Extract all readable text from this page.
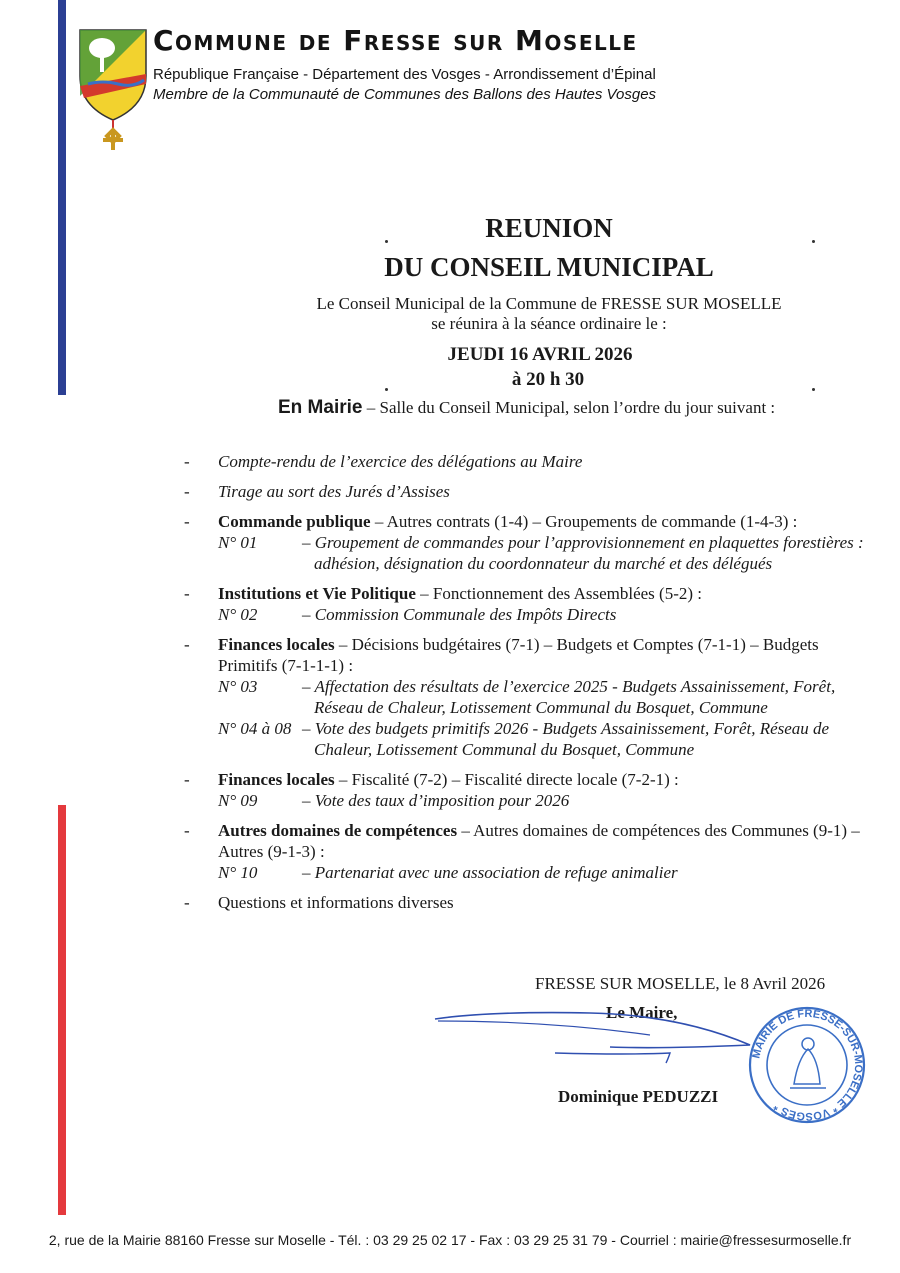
Commune de Fresse sur Moselle
République Française - Département des Vosges - Arrondissement d’Épinal
Membre de la Communauté de Communes des Ballons des Hautes Vosges
REUNION
DU CONSEIL MUNICIPAL
Le Conseil Municipal de la Commune de FRESSE SUR MOSELLE
se réunira à la séance ordinaire le :
JEUDI 16 AVRIL 2026
à 20 h 30
En Mairie – Salle du Conseil Municipal, selon l’ordre du jour suivant :
- Compte-rendu de l’exercice des délégations au Maire
- Tirage au sort des Jurés d’Assises
- Commande publique – Autres contrats (1-4) – Groupements de commande (1-4-3) :
N° 01	– Groupement de commandes pour l’approvisionnement en plaquettes forestières : adhésion, désignation du coordonnateur du marché et des délégués
- Institutions et Vie Politique – Fonctionnement des Assemblées (5-2) :
N° 02	– Commission Communale des Impôts Directs
- Finances locales – Décisions budgétaires (7-1) – Budgets et Comptes (7-1-1) – Budgets Primitifs (7-1-1-1) :
N° 03	– Affectation des résultats de l’exercice 2025 - Budgets Assainissement, Forêt, Réseau de Chaleur, Lotissement Communal du Bosquet, Commune
N° 04 à 08 – Vote des budgets primitifs 2026 - Budgets Assainissement, Forêt, Réseau de Chaleur, Lotissement Communal du Bosquet, Commune
- Finances locales – Fiscalité (7-2) – Fiscalité directe locale (7-2-1) :
N° 09	– Vote des taux d’imposition pour 2026
- Autres domaines de compétences – Autres domaines de compétences des Communes (9-1) – Autres (9-1-3) :
N° 10	– Partenariat avec une association de refuge animalier
- Questions et informations diverses
FRESSE SUR MOSELLE, le 8 Avril 2026
Le Maire,
MAIRIE DE FRESSE-SUR-MOSELLE * VOSGES *
Dominique PEDUZZI
2, rue de la Mairie 88160 Fresse sur Moselle - Tél. : 03 29 25 02 17 - Fax : 03 29 25 31 79 - Courriel : mairie@fressesurmoselle.fr
